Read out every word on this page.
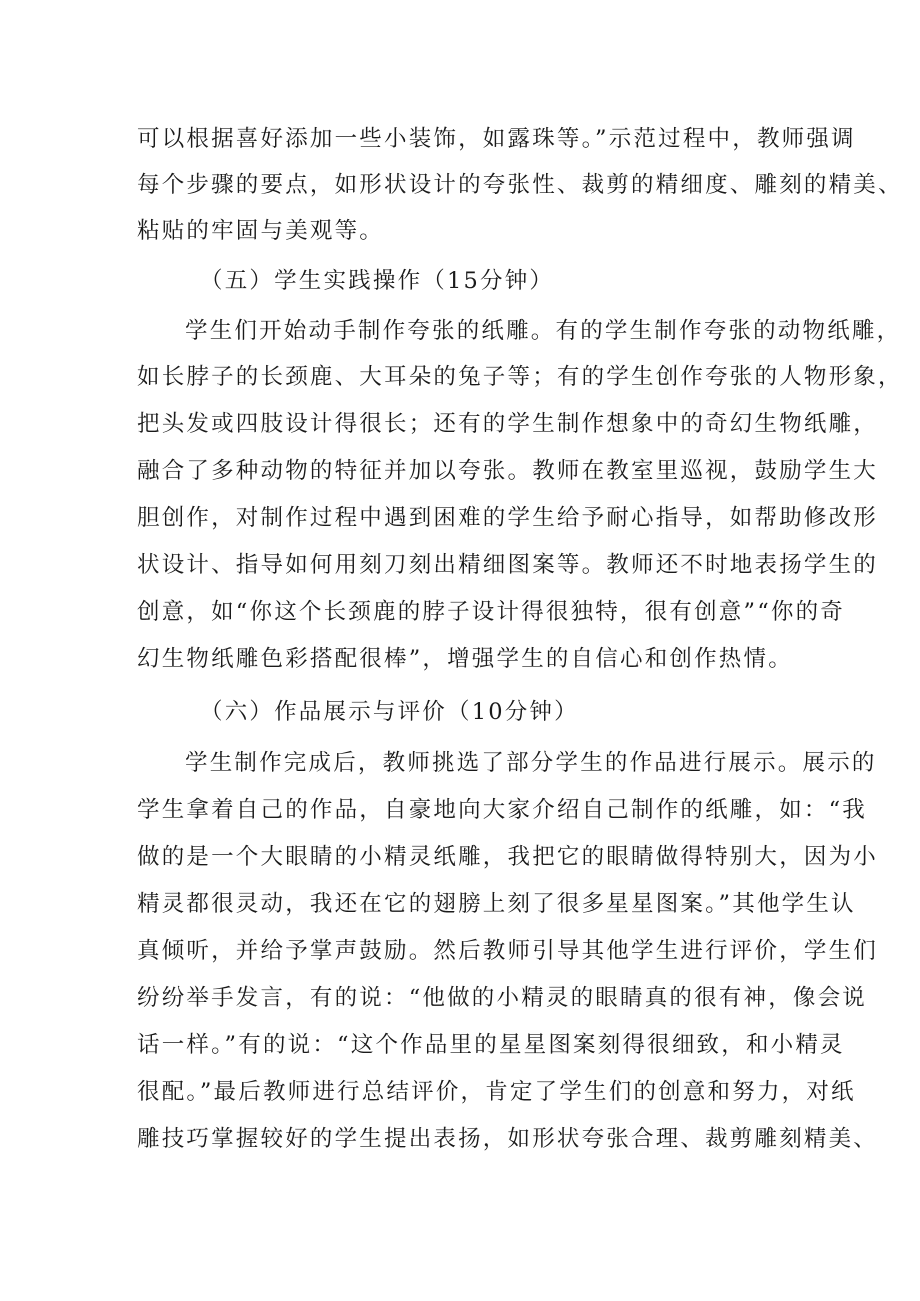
可以根据喜好添加一些小装饰，如露珠等。”示范过程中，教师强调
每个步骤的要点，如形状设计的夸张性、裁剪的精细度、雕刻的精美、
粘贴的牢固与美观等。
（五）学生实践操作（15分钟）
学生们开始动手制作夸张的纸雕。有的学生制作夸张的动物纸雕，
如长脖子的长颈鹿、大耳朵的兔子等；有的学生创作夸张的人物形象，
把头发或四肢设计得很长；还有的学生制作想象中的奇幻生物纸雕，
融合了多种动物的特征并加以夸张。教师在教室里巡视，鼓励学生大
胆创作，对制作过程中遇到困难的学生给予耐心指导，如帮助修改形
状设计、指导如何用刻刀刻出精细图案等。教师还不时地表扬学生的
创意，如“你这个长颈鹿的脖子设计得很独特，很有创意”“你的奇
幻生物纸雕色彩搭配很棒”，增强学生的自信心和创作热情。
（六）作品展示与评价（10分钟）
学生制作完成后，教师挑选了部分学生的作品进行展示。展示的
学生拿着自己的作品，自豪地向大家介绍自己制作的纸雕，如：“我
做的是一个大眼睛的小精灵纸雕，我把它的眼睛做得特别大，因为小
精灵都很灵动，我还在它的翅膀上刻了很多星星图案。”其他学生认
真倾听，并给予掌声鼓励。然后教师引导其他学生进行评价，学生们
纷纷举手发言，有的说：“他做的小精灵的眼睛真的很有神，像会说
话一样。”有的说：“这个作品里的星星图案刻得很细致，和小精灵
很配。”最后教师进行总结评价，肯定了学生们的创意和努力，对纸
雕技巧掌握较好的学生提出表扬，如形状夸张合理、裁剪雕刻精美、
